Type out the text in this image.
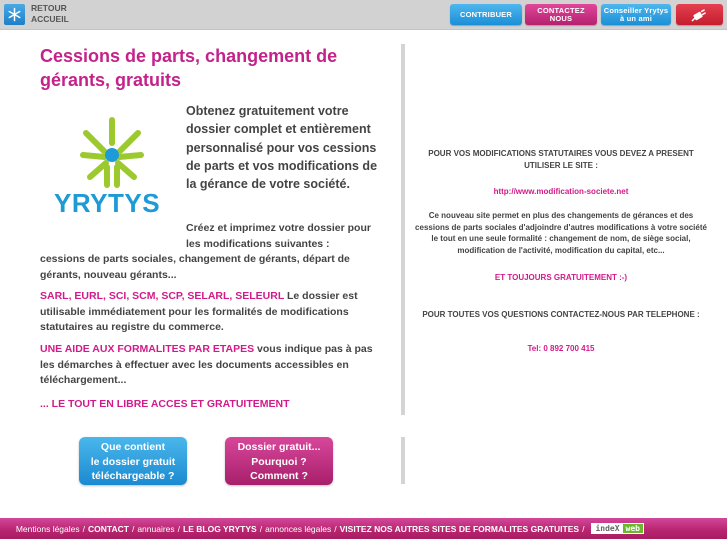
RETOUR
ACCUEIL	CONTRIBUER	CONTACTEZ NOUS
Conseiller Yrytys
à un ami
Cessions de parts, changement de gérants, gratuits
YRYTYS
Obtenez gratuitement votre dossier complet et entièrement personnalisé pour vos cessions de parts et vos modifications de la gérance de votre société.
Créez et imprimez votre dossier pour les modifications suivantes :
cessions de parts sociales, changement de gérants, départ de gérants, nouveau gérants...
SARL, EURL, SCI, SCM, SCP, SELARL, SELEURL Le dossier est utilisable immédiatement pour les formalités de modifications statutaires au registre du commerce.
UNE AIDE AUX FORMALITES PAR ETAPES vous indique pas à pas les démarches à effectuer avec les documents accessibles en téléchargement...
... LE TOUT EN LIBRE ACCES ET GRATUITEMENT
Que contient
le dossier gratuit
téléchargeable ?
Dossier gratuit...
Pourquoi ?
Comment ?
POUR VOS MODIFICATIONS STATUTAIRES VOUS DEVEZ A PRESENT UTILISER LE SITE :
http://www.modification-societe.net
Ce nouveau site permet en plus des changements de gérances et des cessions de parts sociales d'adjoindre d'autres modifications à votre société le tout en une seule formalité : changement de nom, de siège social, modification de l'activité, modification du capital, etc...
ET TOUJOURS GRATUITEMENT :-)
POUR TOUTES VOS QUESTIONS CONTACTEZ-NOUS PAR TELEPHONE :
Tel: 0 892 700 415
Mentions légales / CONTACT / annuaires / LE BLOG YRYTYS / annonces légales / VISITEZ NOS AUTRES SITES DE FORMALITES GRATUITES /	indeX web
